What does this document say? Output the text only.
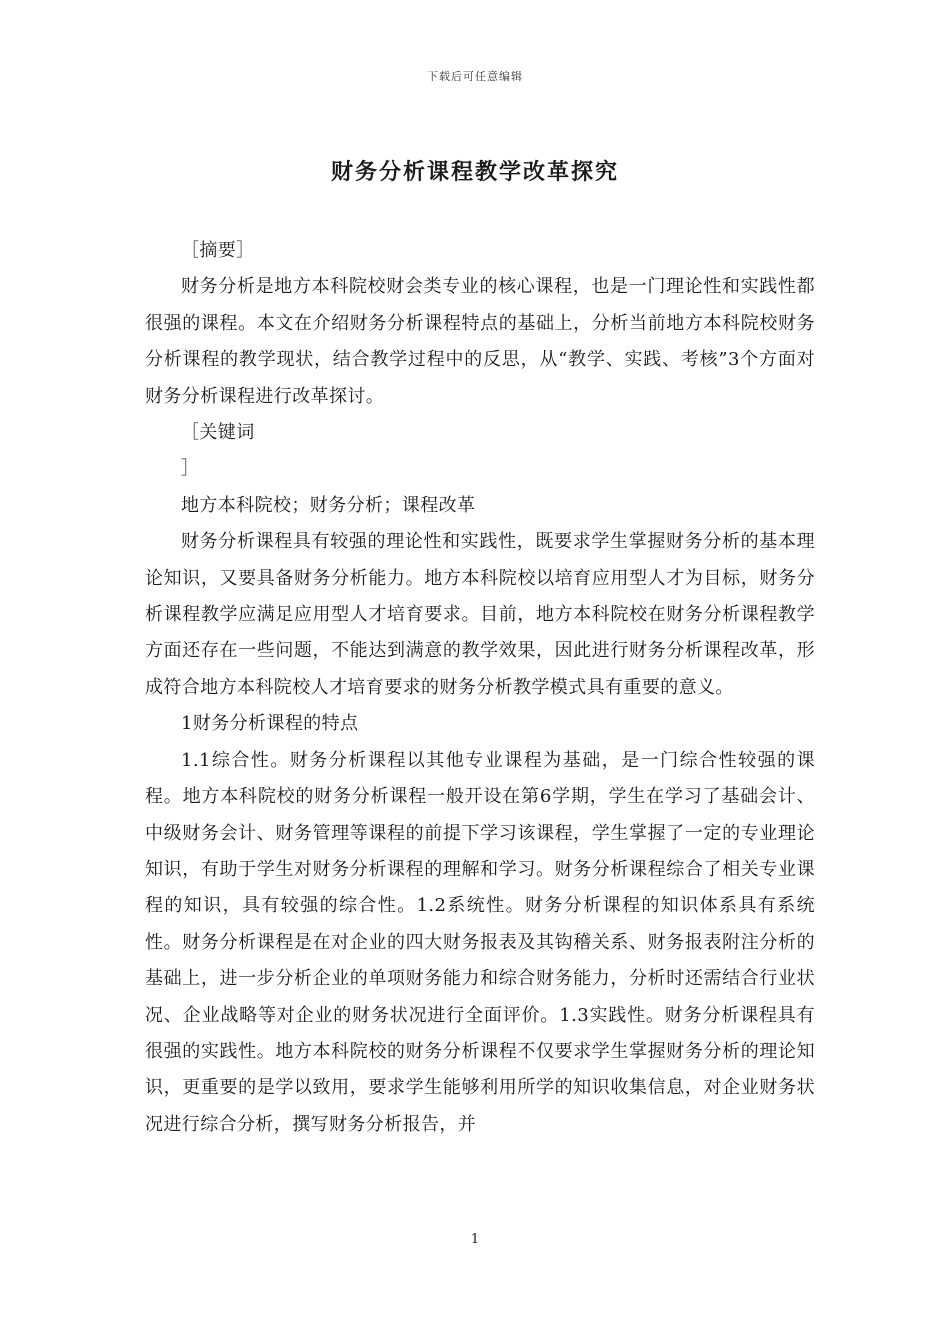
下载后可任意编辑
财务分析课程教学改革探究

［摘要］

财务分析是地方本科院校财会类专业的核心课程，也是一门理论性和实践性都很强的课程。本文在介绍财务分析课程特点的基础上，分析当前地方本科院校财务分析课程的教学现状，结合教学过程中的反思，从“教学、实践、考核”3个方面对财务分析课程进行改革探讨。

［关键词

］

地方本科院校；财务分析；课程改革

财务分析课程具有较强的理论性和实践性，既要求学生掌握财务分析的基本理论知识，又要具备财务分析能力。地方本科院校以培育应用型人才为目标，财务分析课程教学应满足应用型人才培育要求。目前，地方本科院校在财务分析课程教学方面还存在一些问题，不能达到满意的教学效果，因此进行财务分析课程改革，形成符合地方本科院校人才培育要求的财务分析教学模式具有重要的意义。

1财务分析课程的特点

1.1综合性。财务分析课程以其他专业课程为基础，是一门综合性较强的课程。地方本科院校的财务分析课程一般开设在第6学期，学生在学习了基础会计、中级财务会计、财务管理等课程的前提下学习该课程，学生掌握了一定的专业理论知识，有助于学生对财务分析课程的理解和学习。财务分析课程综合了相关专业课程的知识，具有较强的综合性。1.2系统性。财务分析课程的知识体系具有系统性。财务分析课程是在对企业的四大财务报表及其钩稽关系、财务报表附注分析的基础上，进一步分析企业的单项财务能力和综合财务能力，分析时还需结合行业状况、企业战略等对企业的财务状况进行全面评价。1.3实践性。财务分析课程具有很强的实践性。地方本科院校的财务分析课程不仅要求学生掌握财务分析的理论知识，更重要的是学以致用，要求学生能够利用所学的知识收集信息，对企业财务状况进行综合分析，撰写财务分析报告，并

1
